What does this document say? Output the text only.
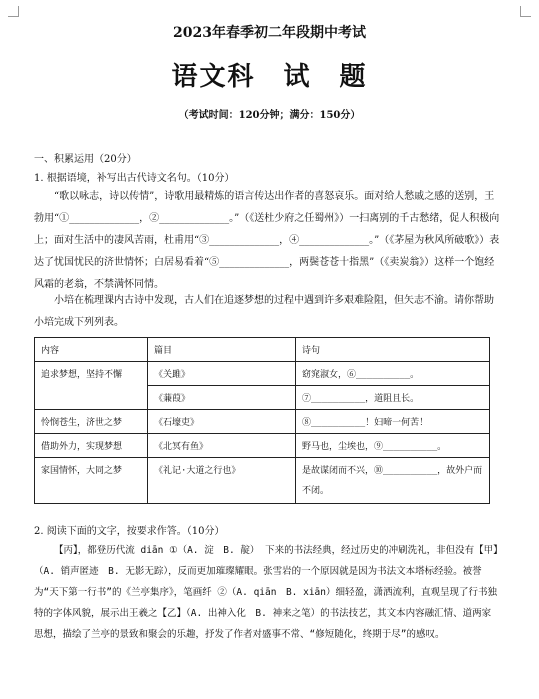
2023年春季初二年段期中考试
语文科　试　题
（考试时间：120分钟；满分：150分）
一、积累运用（20分）
1. 根据语境，补写出古代诗文名句。（10分）
“歌以咏志，诗以传情”，诗歌用最精炼的语言传达出作者的喜怒哀乐。面对给人愁戚之感的送别，王勃用“①______________，②______________。”（《送杜少府之任蜀州》）一扫离别的千古愁绪，促人积极向上；面对生活中的凄风苦雨，杜甫用“③______________，④______________。”（《茅屋为秋风所破歌》）表达了忧国忧民的济世情怀；白居易看着“⑤______________，两鬓苍苍十指黑”（《卖炭翁》）这样一个饱经风霜的老翁，不禁满怀同情。
小培在梳理课内古诗中发现，古人们在追逐梦想的过程中遇到许多艰难险阻，但矢志不渝。请你帮助小培完成下列列表。
内容	篇目	诗句
追求梦想，坚持不懈	《关雎》	窈窕淑女，⑥__________。
	《蒹葭》	⑦__________，道阻且长。
怜悯苍生，济世之梦	《石壕吏》	⑧__________！妇啼一何苦！
借助外力，实现梦想	《北冥有鱼》	野马也，尘埃也，⑨__________。
家国情怀，大同之梦	《礼记·大道之行也》	是故谋闭而不兴，⑩__________，故外户而不闭。
2. 阅读下面的文字，按要求作答。（10分）
【丙】，都登历代流 diān ①（A. 淀　B. 靛） 下来的书法经典，经过历史的冲刷洗礼，非但没有【甲】（A. 销声匿迹　B. 无影无踪），反而更加璀璨耀眼。张雪岩的一个原因就是因为书法文本塔标经验。被誉为“天下第一行书”的《兰亭集序》，笔画纤 ②（A. qiān　B. xiān）细轻盈，潇洒流利，直观呈现了行书独特的字体风貌，展示出王羲之【乙】（A. 出神入化　B. 神来之笔）的书法技艺，其文本内容融汇情、道两家思想，描绘了兰亭的景致和聚会的乐趣，抒发了作者对盛事不常、“修短随化，终期于尽”的感叹。
